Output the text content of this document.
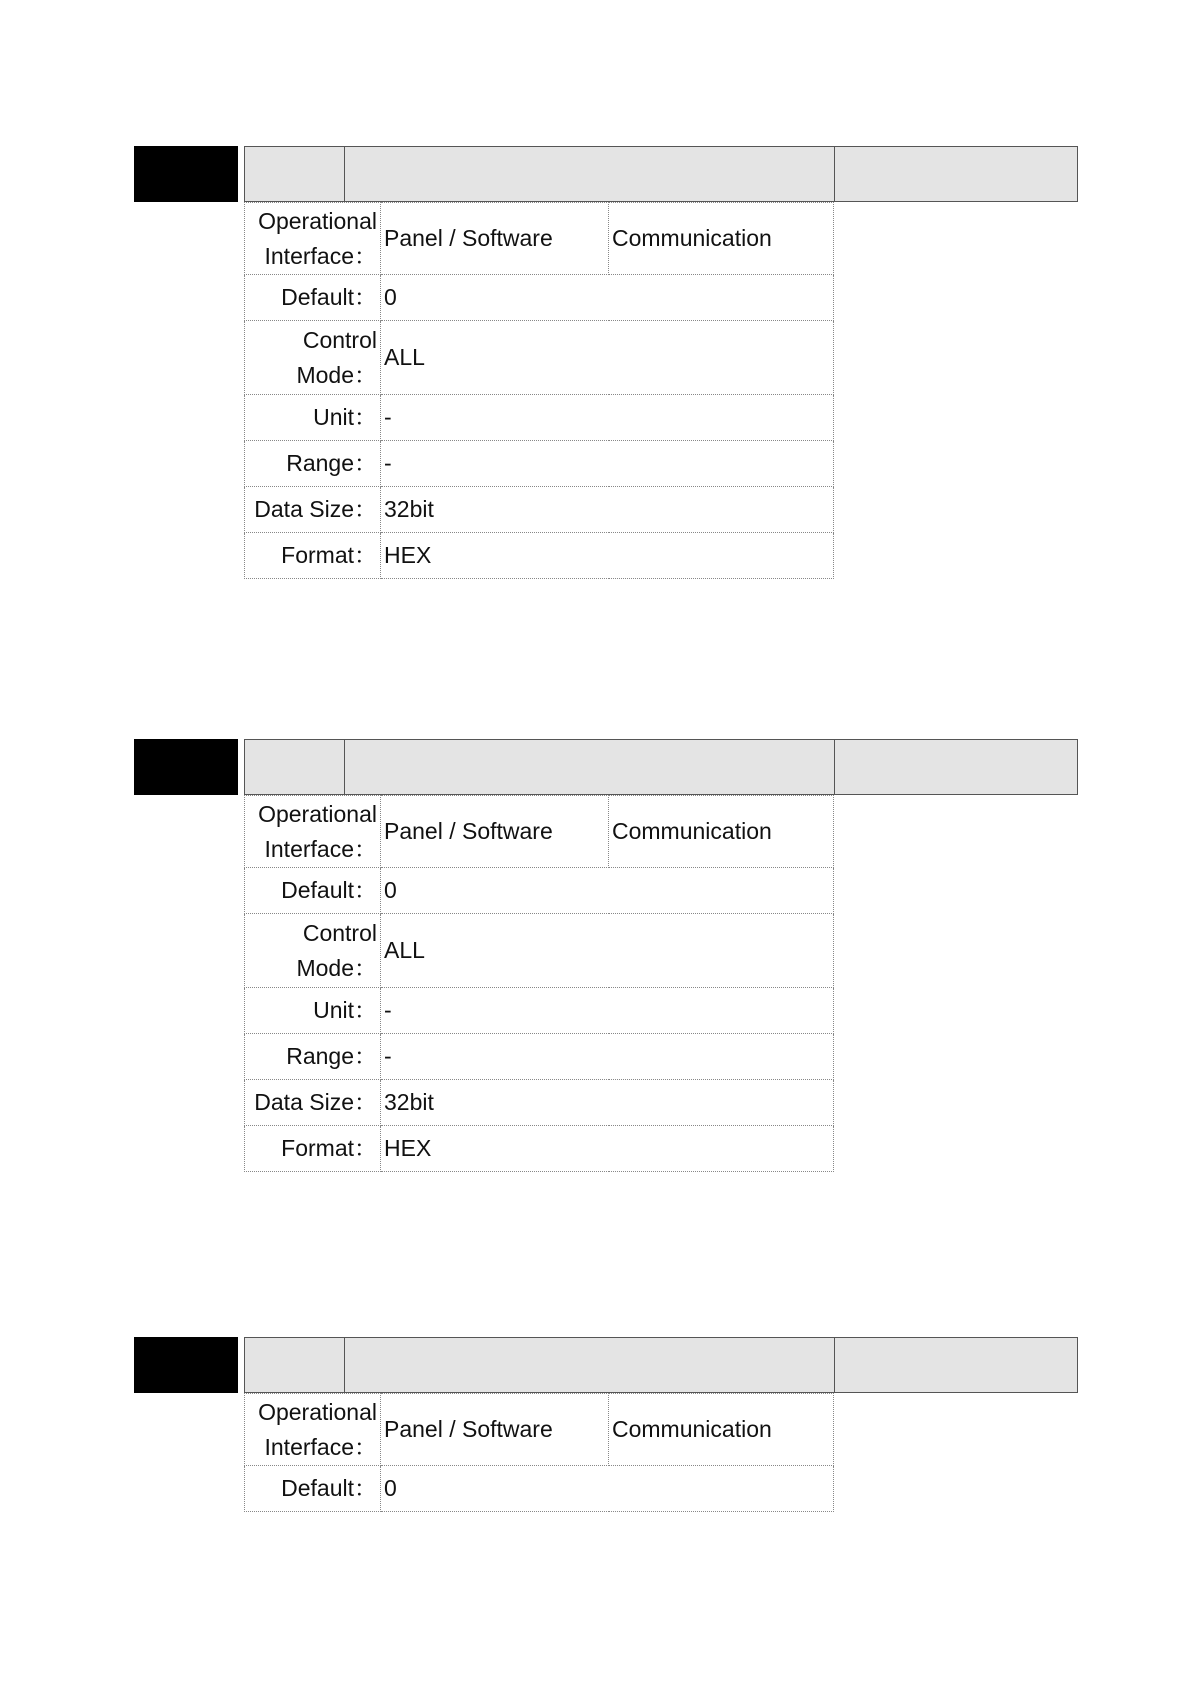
Operational
Interface：	Panel / Software	Communication
Default：	0	

Control
Mode：	ALL	
Unit：	-	
Range：	-	
Data Size：	32bit	
Format：	HEX	
Operational
Interface：	Panel / Software	Communication
Default：	0	

Control
Mode：	ALL	
Unit：	-	
Range：	-	
Data Size：	32bit	
Format：	HEX	
Operational
Interface：	Panel / Software	Communication
Default：	0	
